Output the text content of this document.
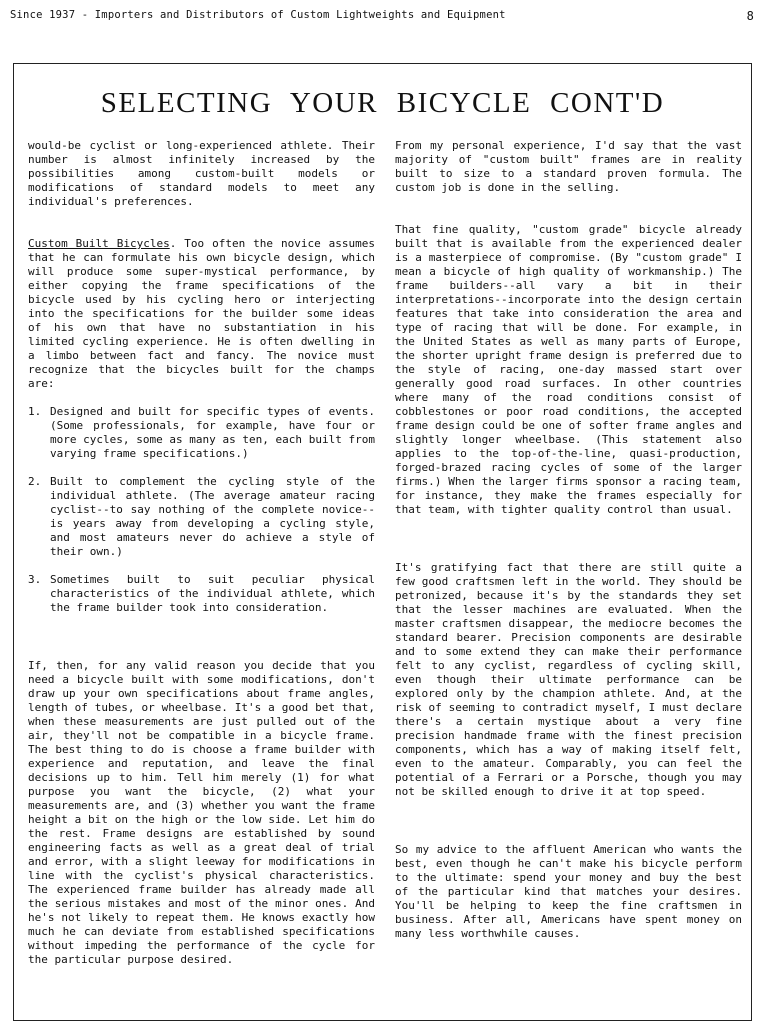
Since 1937 - Importers and Distributors of Custom Lightweights and Equipment	8
SELECTING YOUR BICYCLE CONT'D

would-be cyclist or long-experienced athlete. Their number is almost infinitely increased by the possibilities among custom-built models or modifications of standard models to meet any individual's preferences.

Custom Built Bicycles. Too often the novice assumes that he can formulate his own bicycle design, which will produce some super-mystical performance, by either copying the frame specifications of the bicycle used by his cycling hero or interjecting into the specifications for the builder some ideas of his own that have no substantiation in his limited cycling experience. He is often dwelling in a limbo between fact and fancy. The novice must recognize that the bicycles built for the champs are:

1. Designed and built for specific types of events. (Some professionals, for example, have four or more cycles, some as many as ten, each built from varying frame specifications.)
2. Built to complement the cycling style of the individual athlete. (The average amateur racing cyclist--to say nothing of the complete novice--is years away from developing a cycling style, and most amateurs never do achieve a style of their own.)
3. Sometimes built to suit peculiar physical characteristics of the individual athlete, which the frame builder took into consideration.

If, then, for any valid reason you decide that you need a bicycle built with some modifications, don't draw up your own specifications about frame angles, length of tubes, or wheelbase. It's a good bet that, when these measurements are just pulled out of the air, they'll not be compatible in a bicycle frame. The best thing to do is choose a frame builder with experience and reputation, and leave the final decisions up to him. Tell him merely (1) for what purpose you want the bicycle, (2) what your measurements are, and (3) whether you want the frame height a bit on the high or the low side. Let him do the rest. Frame designs are established by sound engineering facts as well as a great deal of trial and error, with a slight leeway for modifications in line with the cyclist's physical characteristics. The experienced frame builder has already made all the serious mistakes and most of the minor ones. And he's not likely to repeat them. He knows exactly how much he can deviate from established specifications without impeding the performance of the cycle for the particular purpose desired.

From my personal experience, I'd say that the vast majority of "custom built" frames are in reality built to size to a standard proven formula. The custom job is done in the selling.

That fine quality, "custom grade" bicycle already built that is available from the experienced dealer is a masterpiece of compromise. (By "custom grade" I mean a bicycle of high quality of workmanship.) The frame builders--all vary a bit in their interpretations--incorporate into the design certain features that take into consideration the area and type of racing that will be done. For example, in the United States as well as many parts of Europe, the shorter upright frame design is preferred due to the style of racing, one-day massed start over generally good road surfaces. In other countries where many of the road conditions consist of cobblestones or poor road conditions, the accepted frame design could be one of softer frame angles and slightly longer wheelbase. (This statement also applies to the top-of-the-line, quasi-production, forged-brazed racing cycles of some of the larger firms.) When the larger firms sponsor a racing team, for instance, they make the frames especially for that team, with tighter quality control than usual.

It's gratifying fact that there are still quite a few good craftsmen left in the world. They should be petronized, because it's by the standards they set that the lesser machines are evaluated. When the master craftsmen disappear, the mediocre becomes the standard bearer. Precision components are desirable and to some extend they can make their performance felt to any cyclist, regardless of cycling skill, even though their ultimate performance can be explored only by the champion athlete. And, at the risk of seeming to contradict myself, I must declare there's a certain mystique about a very fine precision handmade frame with the finest precision components, which has a way of making itself felt, even to the amateur. Comparably, you can feel the potential of a Ferrari or a Porsche, though you may not be skilled enough to drive it at top speed.

So my advice to the affluent American who wants the best, even though he can't make his bicycle perform to the ultimate: spend your money and buy the best of the particular kind that matches your desires. You'll be helping to keep the fine craftsmen in business. After all, Americans have spent money on many less worthwhile causes.
